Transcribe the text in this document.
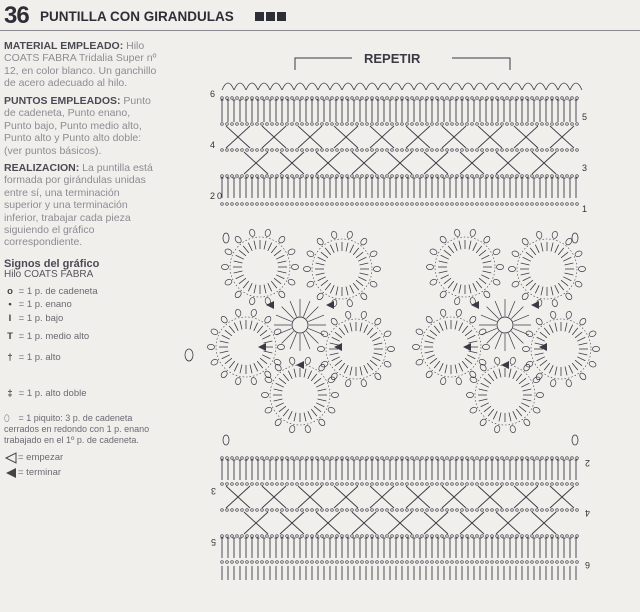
36 PUNTILLA CON GIRANDULAS
MATERIAL EMPLEADO: Hilo COATS FABRA Tridalia Super nº 12, en color blanco. Un ganchillo de acero adecuado al hilo.
PUNTOS EMPLEADOS: Punto de cadeneta, Punto enano, Punto bajo, Punto medio alto, Punto alto y Punto alto doble: (ver puntos básicos).
REALIZACION: La puntilla está formada por girándulas unidas entre sí, una terminación superior y una terminación inferior, trabajar cada pieza siguiendo el gráfico correspondiente.
Signos del gráfico
Hilo COATS FABRA
o = 1 p. de cadeneta
• = 1 p. enano
I = 1 p. bajo
T = 1 p. medio alto
† = 1 p. alto
‡ = 1 p. alto doble
⬯ = 1 piquito: 3 p. de cadeneta cerrados en redondo con 1 p. enano trabajado en el 1º p. de cadeneta.
= empezar
= terminar
REPETIR
6
4
2 0
5
3
1
3
5
2
4
6
